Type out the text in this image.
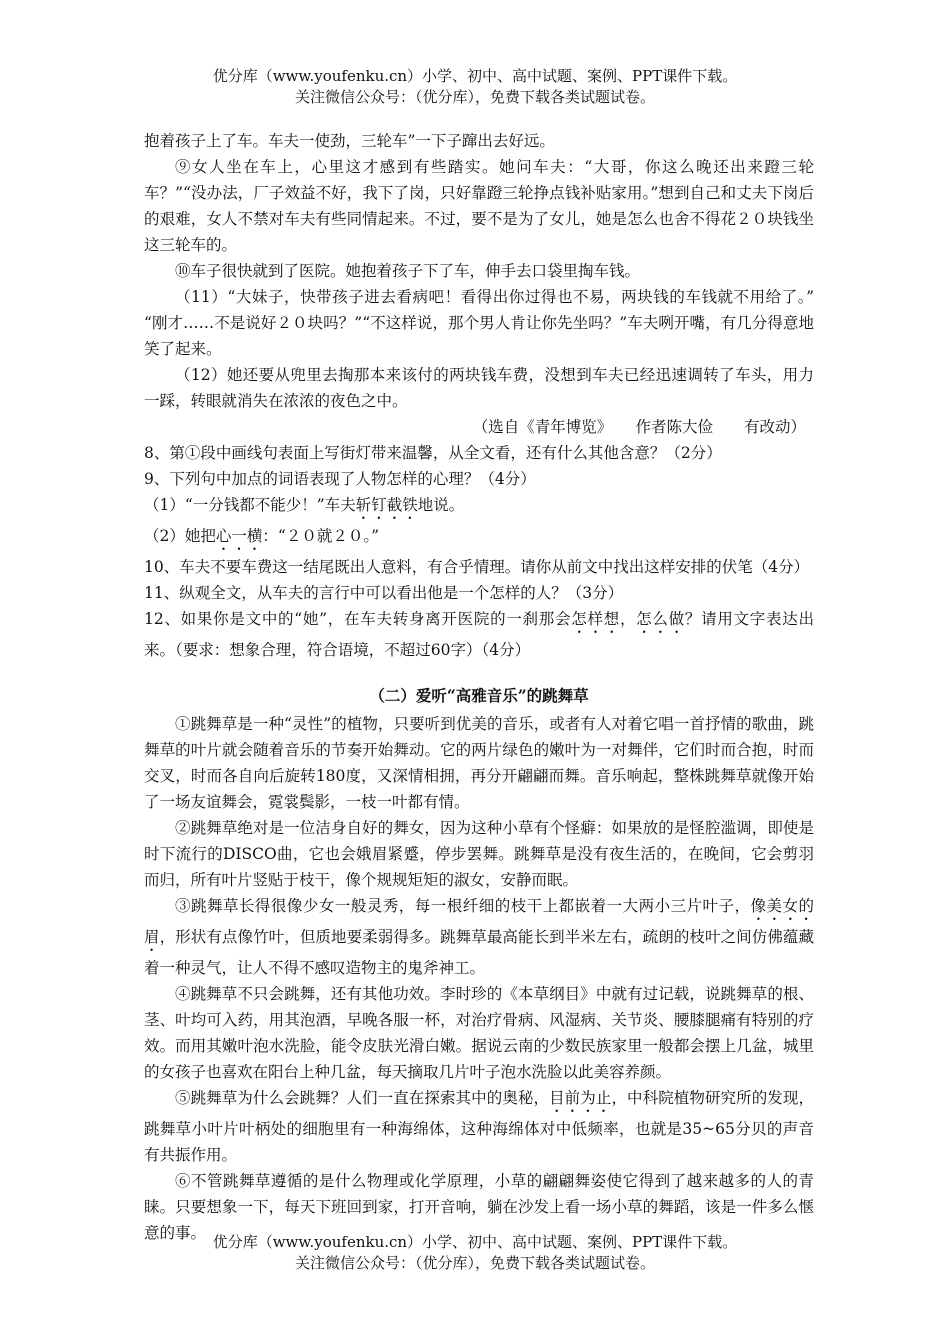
优分库（www.youfenku.cn）小学、初中、高中试题、案例、PPT课件下载。
关注微信公众号：（优分库），免费下载各类试题试卷。

抱着孩子上了车。车夫一使劲，三轮车”一下子蹿出去好远。

⑨女人坐在车上，心里这才感到有些踏实。她问车夫：“大哥，你这么晚还出来蹬三轮车？”“没办法，厂子效益不好，我下了岗，只好靠蹬三轮挣点钱补贴家用。”想到自己和丈夫下岗后的艰难，女人不禁对车夫有些同情起来。不过，要不是为了女儿，她是怎么也舍不得花２０块钱坐这三轮车的。

⑩车子很快就到了医院。她抱着孩子下了车，伸手去口袋里掏车钱。

（11）“大妹子，快带孩子进去看病吧！看得出你过得也不易，两块钱的车钱就不用给了。” “刚才……不是说好２０块吗？”“不这样说，那个男人肯让你先坐吗？”车夫咧开嘴，有几分得意地笑了起来。

（12）她还要从兜里去掏那本来该付的两块钱车费，没想到车夫已经迅速调转了车头，用力一踩，转眼就消失在浓浓的夜色之中。

（选自《青年博览》　　作者陈大俭　　有改动）

8、第①段中画线句表面上写街灯带来温馨，从全文看，还有什么其他含意？（2分）

9、下列句中加点的词语表现了人物怎样的心理？（4分）

（1）“一分钱都不能少！”车夫斩钉截铁地说。

（2）她把心一横：“２０就２０。”

10、车夫不要车费这一结尾既出人意料，有合乎情理。请你从前文中找出这样安排的伏笔（4分）

11、纵观全文，从车夫的言行中可以看出他是一个怎样的人？（3分）

12、如果你是文中的“她”，在车夫转身离开医院的一刹那会怎样想，怎么做？请用文字表达出来。（要求：想象合理，符合语境，不超过60字）（4分）

（二）爱听“高雅音乐”的跳舞草

①跳舞草是一种“灵性”的植物，只要听到优美的音乐，或者有人对着它唱一首抒情的歌曲，跳舞草的叶片就会随着音乐的节奏开始舞动。它的两片绿色的嫩叶为一对舞伴，它们时而合抱，时而交叉，时而各自向后旋转180度，又深情相拥，再分开翩翩而舞。音乐响起，整株跳舞草就像开始了一场友谊舞会，霓裳鬓影，一枝一叶都有情。

②跳舞草绝对是一位洁身自好的舞女，因为这种小草有个怪癖：如果放的是怪腔滥调，即使是时下流行的DISCO曲，它也会娥眉紧蹙，停步罢舞。跳舞草是没有夜生活的，在晚间，它会剪羽而归，所有叶片竖贴于枝干，像个规规矩矩的淑女，安静而眠。

③跳舞草长得很像少女一般灵秀，每一根纤细的枝干上都嵌着一大两小三片叶子，像美女的眉，形状有点像竹叶，但质地要柔弱得多。跳舞草最高能长到半米左右，疏朗的枝叶之间仿佛蕴藏着一种灵气，让人不得不感叹造物主的鬼斧神工。

④跳舞草不只会跳舞，还有其他功效。李时珍的《本草纲目》中就有过记载，说跳舞草的根、茎、叶均可入药，用其泡酒，早晚各服一杯，对治疗骨病、风湿病、关节炎、腰膝腿痛有特别的疗效。而用其嫩叶泡水洗脸，能令皮肤光滑白嫩。据说云南的少数民族家里一般都会摆上几盆，城里的女孩子也喜欢在阳台上种几盆，每天摘取几片叶子泡水洗脸以此美容养颜。

⑤跳舞草为什么会跳舞？人们一直在探索其中的奥秘，目前为止，中科院植物研究所的发现，跳舞草小叶片叶柄处的细胞里有一种海绵体，这种海绵体对中低频率，也就是35~65分贝的声音有共振作用。

⑥不管跳舞草遵循的是什么物理或化学原理，小草的翩翩舞姿使它得到了越来越多的人的青睐。只要想象一下，每天下班回到家，打开音响，躺在沙发上看一场小草的舞蹈，该是一件多么惬意的事。 优分库（www.youfenku.cn）小学、初中、高中试题、案例、PPT课件下载。
关注微信公众号：（优分库），免费下载各类试题试卷。
